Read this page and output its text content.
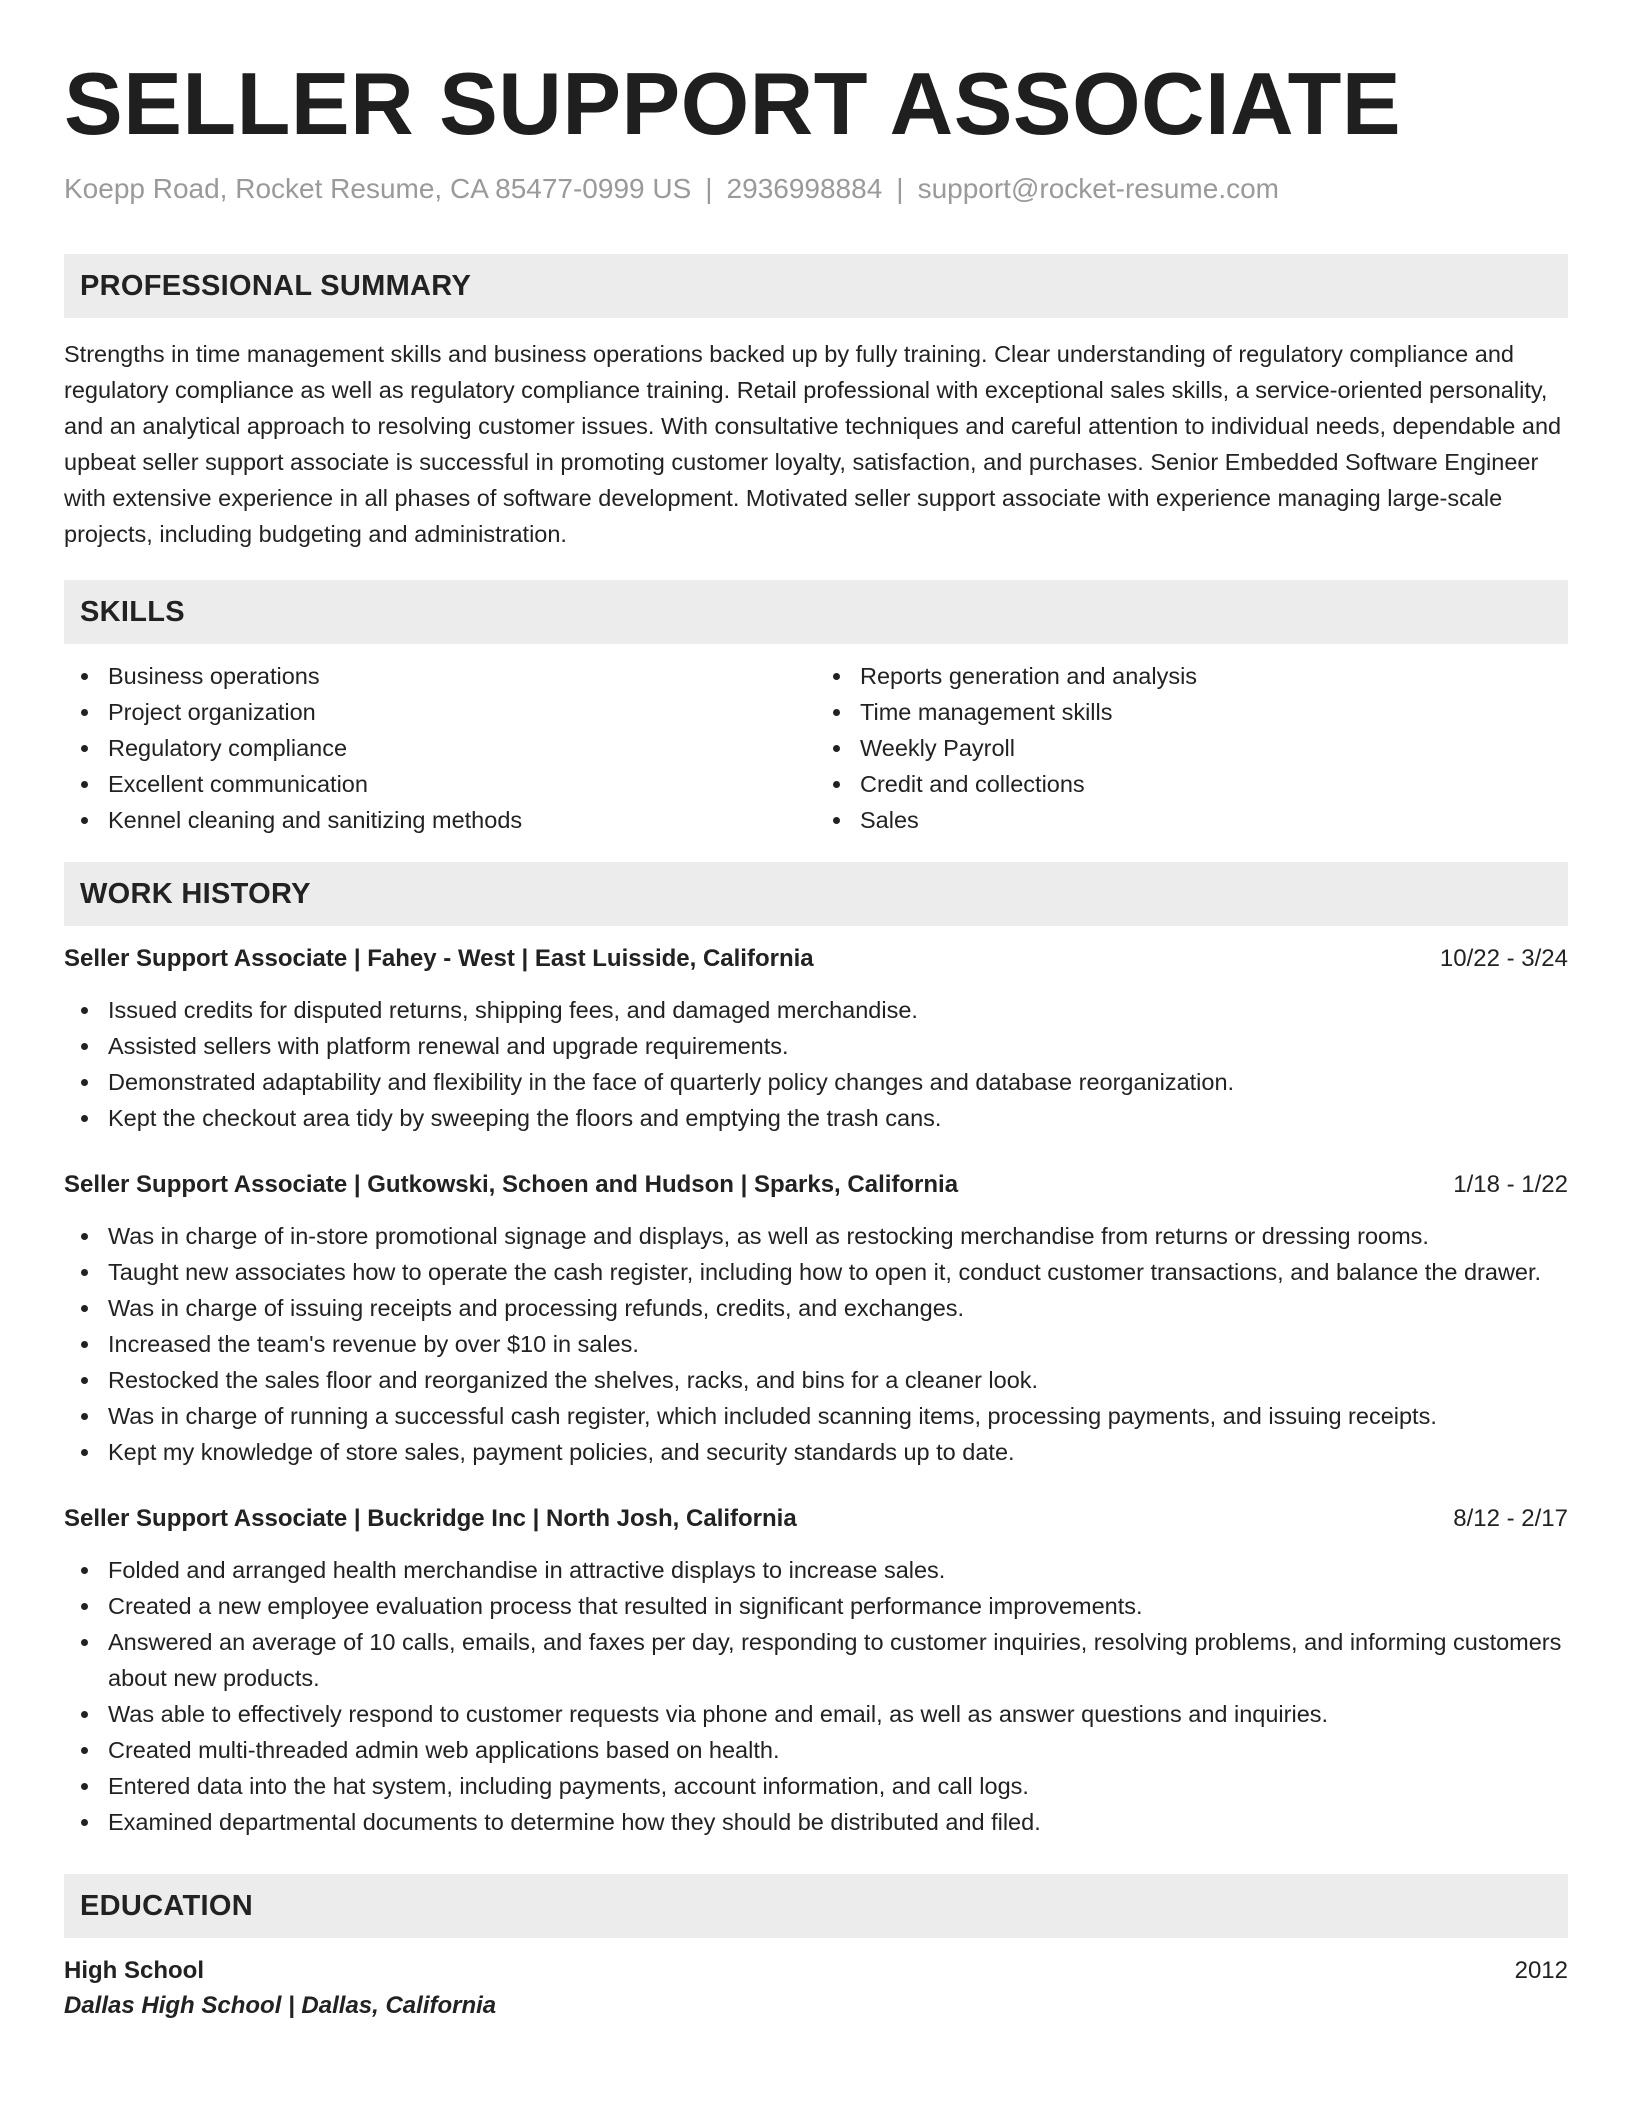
SELLER SUPPORT ASSOCIATE
Koepp Road, Rocket Resume, CA 85477-0999 US | 2936998884 | support@rocket-resume.com
PROFESSIONAL SUMMARY

Strengths in time management skills and business operations backed up by fully training. Clear understanding of regulatory compliance and regulatory compliance as well as regulatory compliance training. Retail professional with exceptional sales skills, a service-oriented personality, and an analytical approach to resolving customer issues. With consultative techniques and careful attention to individual needs, dependable and upbeat seller support associate is successful in promoting customer loyalty, satisfaction, and purchases. Senior Embedded Software Engineer with extensive experience in all phases of software development. Motivated seller support associate with experience managing large-scale projects, including budgeting and administration.

SKILLS
Business operations
Project organization
Regulatory compliance
Excellent communication
Kennel cleaning and sanitizing methods
Reports generation and analysis
Time management skills
Weekly Payroll
Credit and collections
Sales
WORK HISTORY
Seller Support Associate | Fahey - West | East Luisside, California	10/22 - 3/24
Issued credits for disputed returns, shipping fees, and damaged merchandise.
Assisted sellers with platform renewal and upgrade requirements.
Demonstrated adaptability and flexibility in the face of quarterly policy changes and database reorganization.
Kept the checkout area tidy by sweeping the floors and emptying the trash cans.
Seller Support Associate | Gutkowski, Schoen and Hudson | Sparks, California	1/18 - 1/22
Was in charge of in-store promotional signage and displays, as well as restocking merchandise from returns or dressing rooms.
Taught new associates how to operate the cash register, including how to open it, conduct customer transactions, and balance the drawer.
Was in charge of issuing receipts and processing refunds, credits, and exchanges.
Increased the team's revenue by over $10 in sales.
Restocked the sales floor and reorganized the shelves, racks, and bins for a cleaner look.
Was in charge of running a successful cash register, which included scanning items, processing payments, and issuing receipts.
Kept my knowledge of store sales, payment policies, and security standards up to date.
Seller Support Associate | Buckridge Inc | North Josh, California	8/12 - 2/17
Folded and arranged health merchandise in attractive displays to increase sales.
Created a new employee evaluation process that resulted in significant performance improvements.
Answered an average of 10 calls, emails, and faxes per day, responding to customer inquiries, resolving problems, and informing customers about new products.
Was able to effectively respond to customer requests via phone and email, as well as answer questions and inquiries.
Created multi-threaded admin web applications based on health.
Entered data into the hat system, including payments, account information, and call logs.
Examined departmental documents to determine how they should be distributed and filed.
EDUCATION
High School	2012
Dallas High School | Dallas, California
